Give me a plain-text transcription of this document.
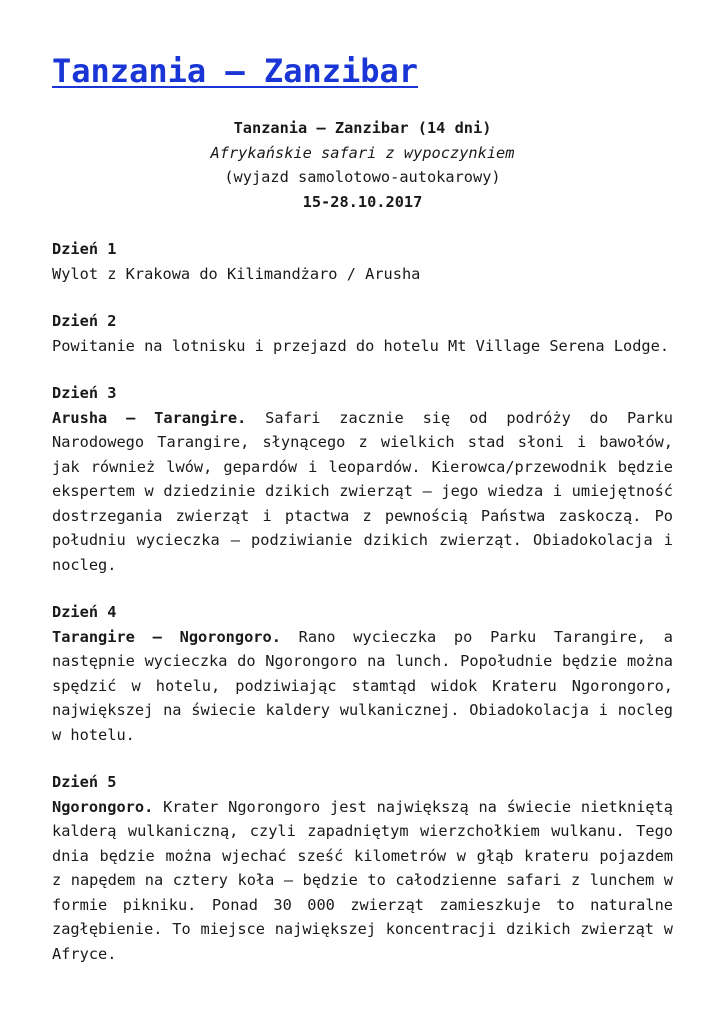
Tanzania – Zanzibar
Tanzania – Zanzibar (14 dni)
Afrykańskie safari z wypoczynkiem
(wyjazd samolotowo-autokarowy)
15-28.10.2017
Dzień 1
Wylot z Krakowa do Kilimandżaro / Arusha
Dzień 2
Powitanie na lotnisku i przejazd do hotelu Mt Village Serena Lodge.
Dzień 3
Arusha – Tarangire. Safari zacznie się od podróży do Parku Narodowego Tarangire, słynącego z wielkich stad słoni i bawołów, jak również lwów, gepardów i leopardów. Kierowca/przewodnik będzie ekspertem w dziedzinie dzikich zwierząt – jego wiedza i umiejętność dostrzegania zwierząt i ptactwa z pewnością Państwa zaskoczą. Po południu wycieczka – podziwianie dzikich zwierząt. Obiadokolacja i nocleg.
Dzień 4
Tarangire – Ngorongoro. Rano wycieczka po Parku Tarangire, a następnie wycieczka do Ngorongoro na lunch. Popołudnie będzie można spędzić w hotelu, podziwiając stamtąd widok Krateru Ngorongoro, największej na świecie kaldery wulkanicznej. Obiadokolacja i nocleg w hotelu.
Dzień 5
Ngorongoro. Krater Ngorongoro jest największą na świecie nietkniętą kalderą wulkaniczną, czyli zapadniętym wierzchołkiem wulkanu. Tego dnia będzie można wjechać sześć kilometrów w głąb krateru pojazdem z napędem na cztery koła – będzie to całodzienne safari z lunchem w formie pikniku. Ponad 30 000 zwierząt zamieszkuje to naturalne zagłębienie. To miejsce największej koncentracji dzikich zwierząt w Afryce.
